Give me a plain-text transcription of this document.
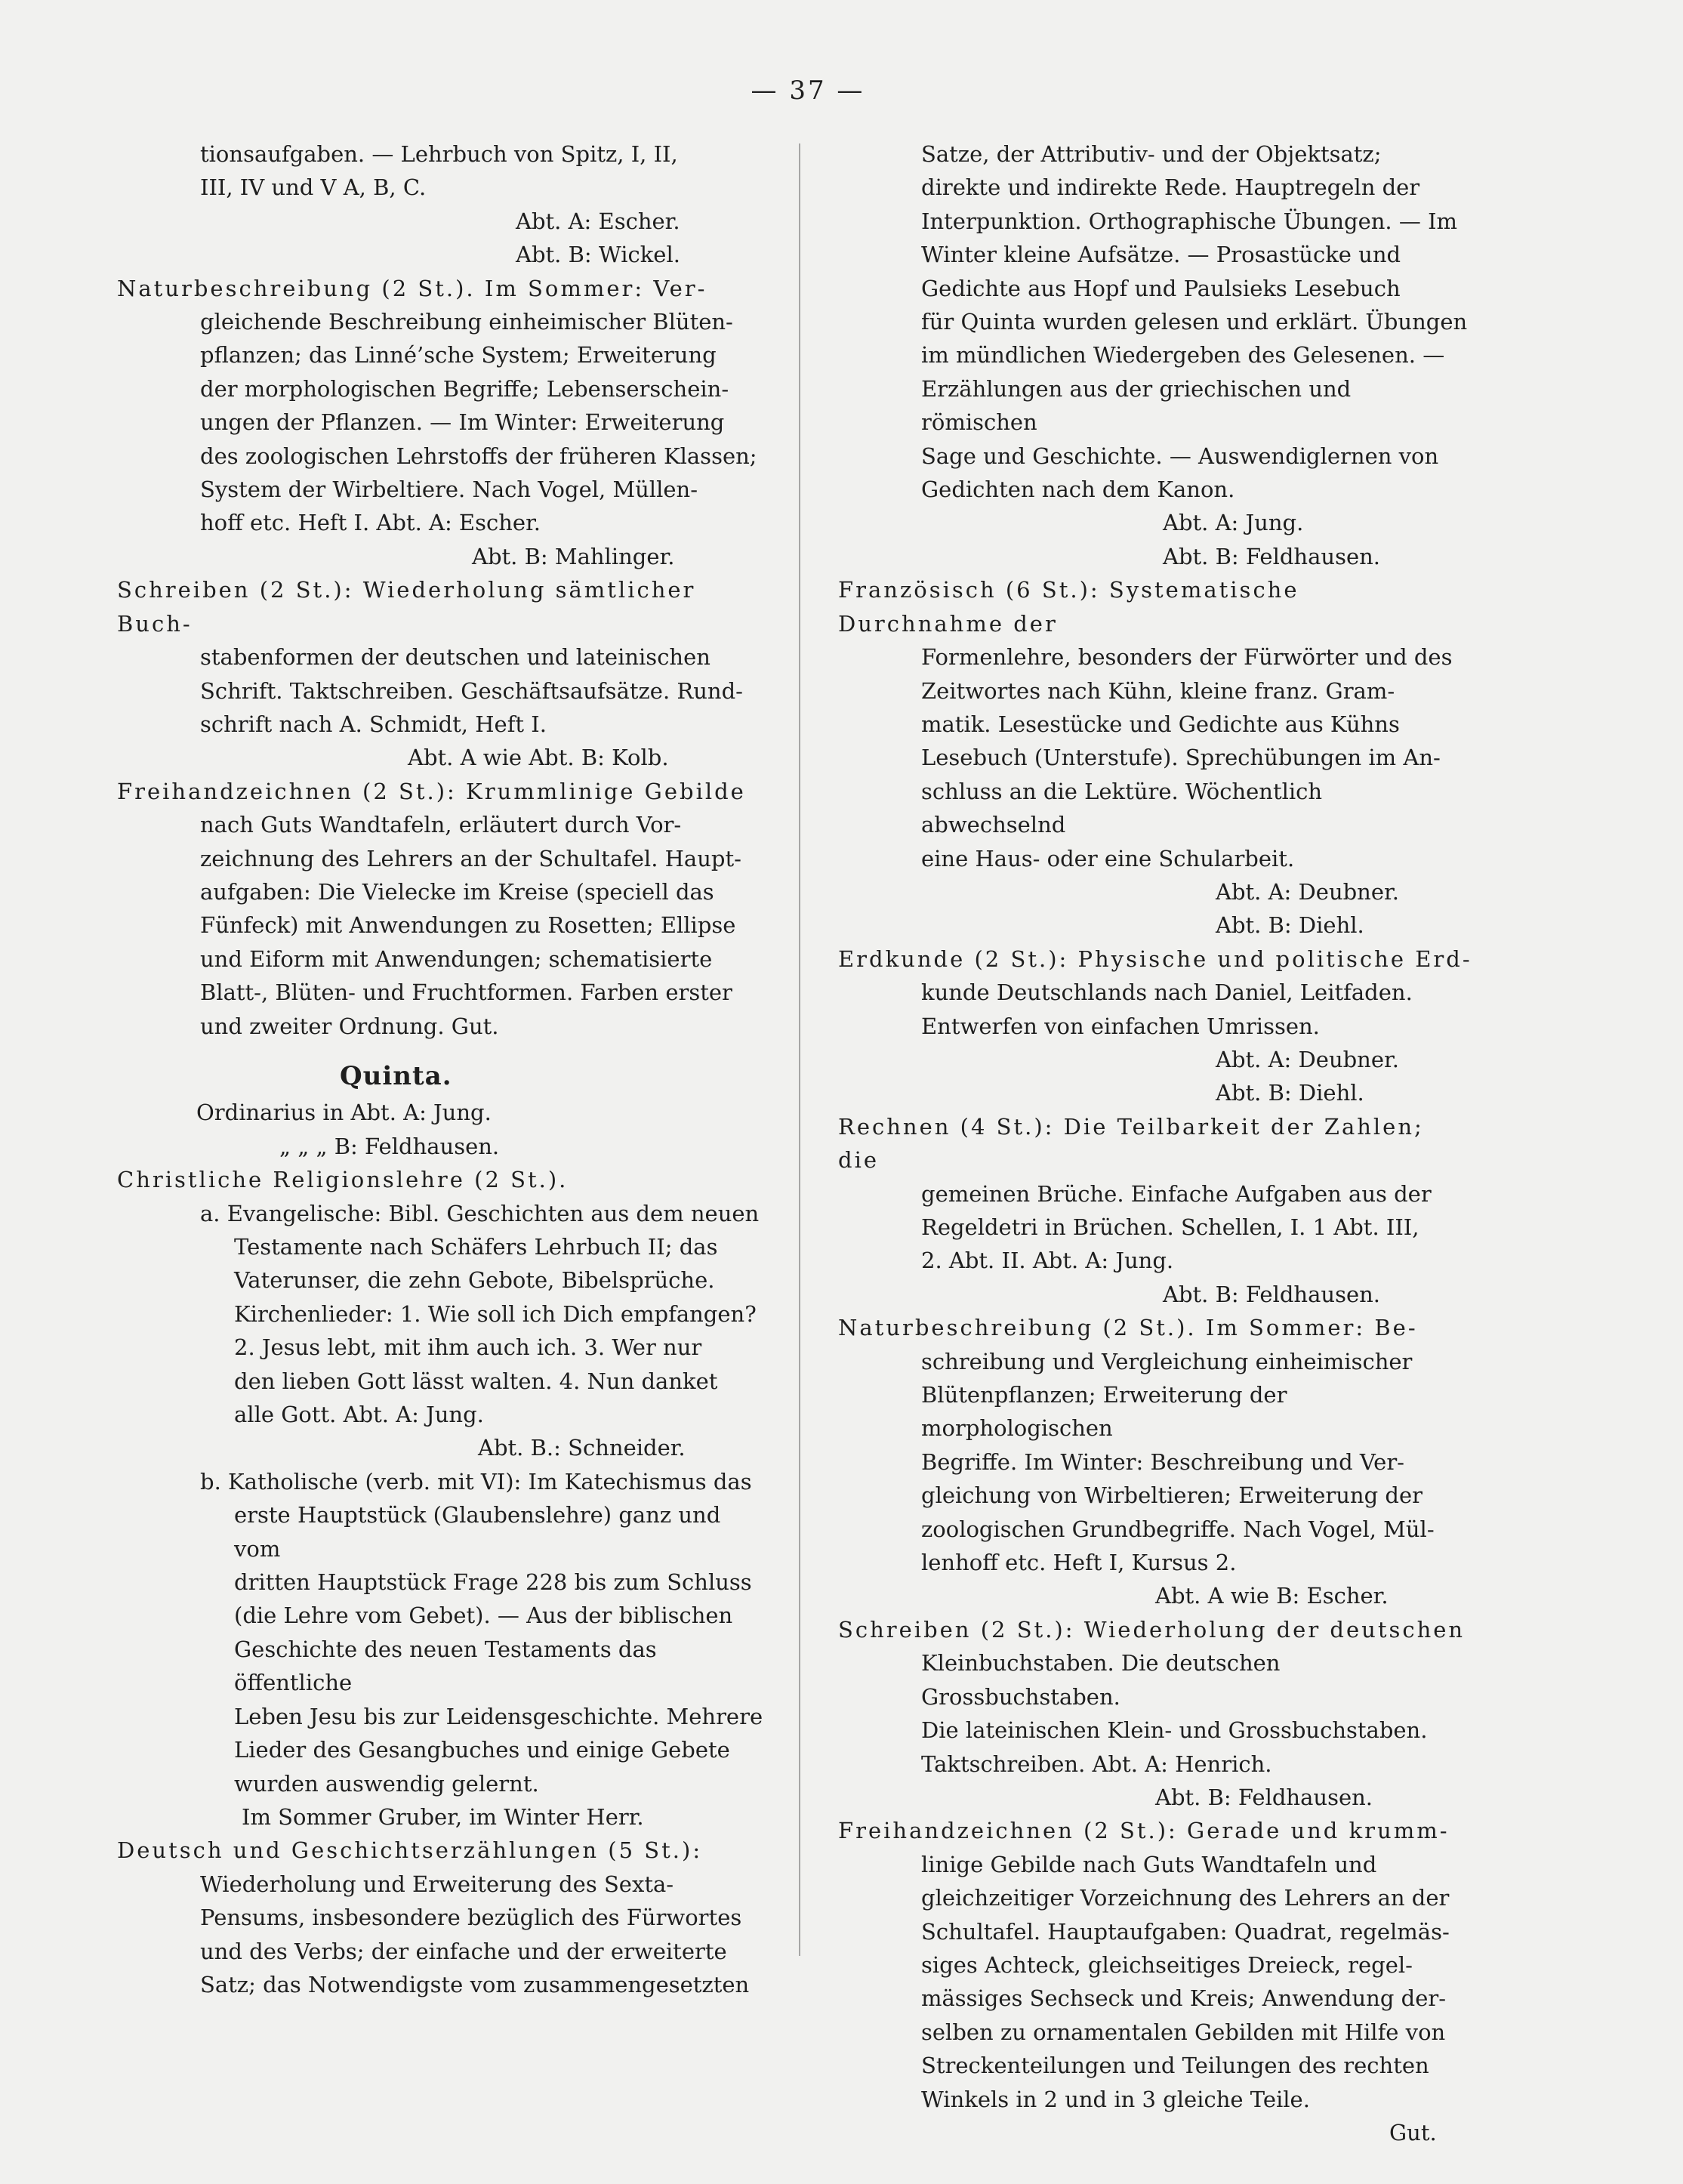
— 37 —

tionsaufgaben. — Lehrbuch von Spitz, I, II,

III, IV und V A, B, C.

Abt. A: Escher.

Abt. B: Wickel.

Naturbeschreibung (2 St.). Im Sommer: Ver-

gleichende Beschreibung einheimischer Blüten-

pflanzen; das Linné’sche System; Erweiterung

der morphologischen Begriffe; Lebenserschein-

ungen der Pflanzen. — Im Winter: Erweiterung

des zoologischen Lehrstoffs der früheren Klassen;

System der Wirbeltiere. Nach Vogel, Müllen-

hoff etc. Heft I. Abt. A: Escher.

Abt. B: Mahlinger.

Schreiben (2 St.): Wiederholung sämtlicher Buch-

stabenformen der deutschen und lateinischen

Schrift. Taktschreiben. Geschäftsaufsätze. Rund-

schrift nach A. Schmidt, Heft I.

Abt. A wie Abt. B: Kolb.

Freihandzeichnen (2 St.): Krummlinige Gebilde

nach Guts Wandtafeln, erläutert durch Vor-

zeichnung des Lehrers an der Schultafel. Haupt-

aufgaben: Die Vielecke im Kreise (speciell das

Fünfeck) mit Anwendungen zu Rosetten; Ellipse

und Eiform mit Anwendungen; schematisierte

Blatt-, Blüten- und Fruchtformen. Farben erster

und zweiter Ordnung. Gut.

Quinta.

Ordinarius in Abt. A: Jung.

„ „ „ B: Feldhausen.

Christliche Religionslehre (2 St.).

a. Evangelische: Bibl. Geschichten aus dem neuen

Testamente nach Schäfers Lehrbuch II; das

Vaterunser, die zehn Gebote, Bibelsprüche.

Kirchenlieder: 1. Wie soll ich Dich empfangen?

2. Jesus lebt, mit ihm auch ich. 3. Wer nur

den lieben Gott lässt walten. 4. Nun danket

alle Gott. Abt. A: Jung.

Abt. B.: Schneider.

b. Katholische (verb. mit VI): Im Katechismus das

erste Hauptstück (Glaubenslehre) ganz und vom

dritten Hauptstück Frage 228 bis zum Schluss

(die Lehre vom Gebet). — Aus der biblischen

Geschichte des neuen Testaments das öffentliche

Leben Jesu bis zur Leidensgeschichte. Mehrere

Lieder des Gesangbuches und einige Gebete

wurden auswendig gelernt.

Im Sommer Gruber, im Winter Herr.

Deutsch und Geschichtserzählungen (5 St.):

Wiederholung und Erweiterung des Sexta-

Pensums, insbesondere bezüglich des Fürwortes

und des Verbs; der einfache und der erweiterte

Satz; das Notwendigste vom zusammengesetzten

Satze, der Attributiv- und der Objektsatz;

direkte und indirekte Rede. Hauptregeln der

Interpunktion. Orthographische Übungen. — Im

Winter kleine Aufsätze. — Prosastücke und

Gedichte aus Hopf und Paulsieks Lesebuch

für Quinta wurden gelesen und erklärt. Übungen

im mündlichen Wiedergeben des Gelesenen. —

Erzählungen aus der griechischen und römischen

Sage und Geschichte. — Auswendiglernen von

Gedichten nach dem Kanon.

Abt. A: Jung.

Abt. B: Feldhausen.

Französisch (6 St.): Systematische Durchnahme der

Formenlehre, besonders der Fürwörter und des

Zeitwortes nach Kühn, kleine franz. Gram-

matik. Lesestücke und Gedichte aus Kühns

Lesebuch (Unterstufe). Sprechübungen im An-

schluss an die Lektüre. Wöchentlich abwechselnd

eine Haus- oder eine Schularbeit.

Abt. A: Deubner.

Abt. B: Diehl.

Erdkunde (2 St.): Physische und politische Erd-

kunde Deutschlands nach Daniel, Leitfaden.

Entwerfen von einfachen Umrissen.

Abt. A: Deubner.

Abt. B: Diehl.

Rechnen (4 St.): Die Teilbarkeit der Zahlen; die

gemeinen Brüche. Einfache Aufgaben aus der

Regeldetri in Brüchen. Schellen, I. 1 Abt. III,

2. Abt. II. Abt. A: Jung.

Abt. B: Feldhausen.

Naturbeschreibung (2 St.). Im Sommer: Be-

schreibung und Vergleichung einheimischer

Blütenpflanzen; Erweiterung der morphologischen

Begriffe. Im Winter: Beschreibung und Ver-

gleichung von Wirbeltieren; Erweiterung der

zoologischen Grundbegriffe. Nach Vogel, Mül-

lenhoff etc. Heft I, Kursus 2.

Abt. A wie B: Escher.

Schreiben (2 St.): Wiederholung der deutschen

Kleinbuchstaben. Die deutschen Grossbuchstaben.

Die lateinischen Klein- und Grossbuchstaben.

Taktschreiben. Abt. A: Henrich.

Abt. B: Feldhausen.

Freihandzeichnen (2 St.): Gerade und krumm-

linige Gebilde nach Guts Wandtafeln und

gleichzeitiger Vorzeichnung des Lehrers an der

Schultafel. Hauptaufgaben: Quadrat, regelmäs-

siges Achteck, gleichseitiges Dreieck, regel-

mässiges Sechseck und Kreis; Anwendung der-

selben zu ornamentalen Gebilden mit Hilfe von

Streckenteilungen und Teilungen des rechten

Winkels in 2 und in 3 gleiche Teile.

Gut.
